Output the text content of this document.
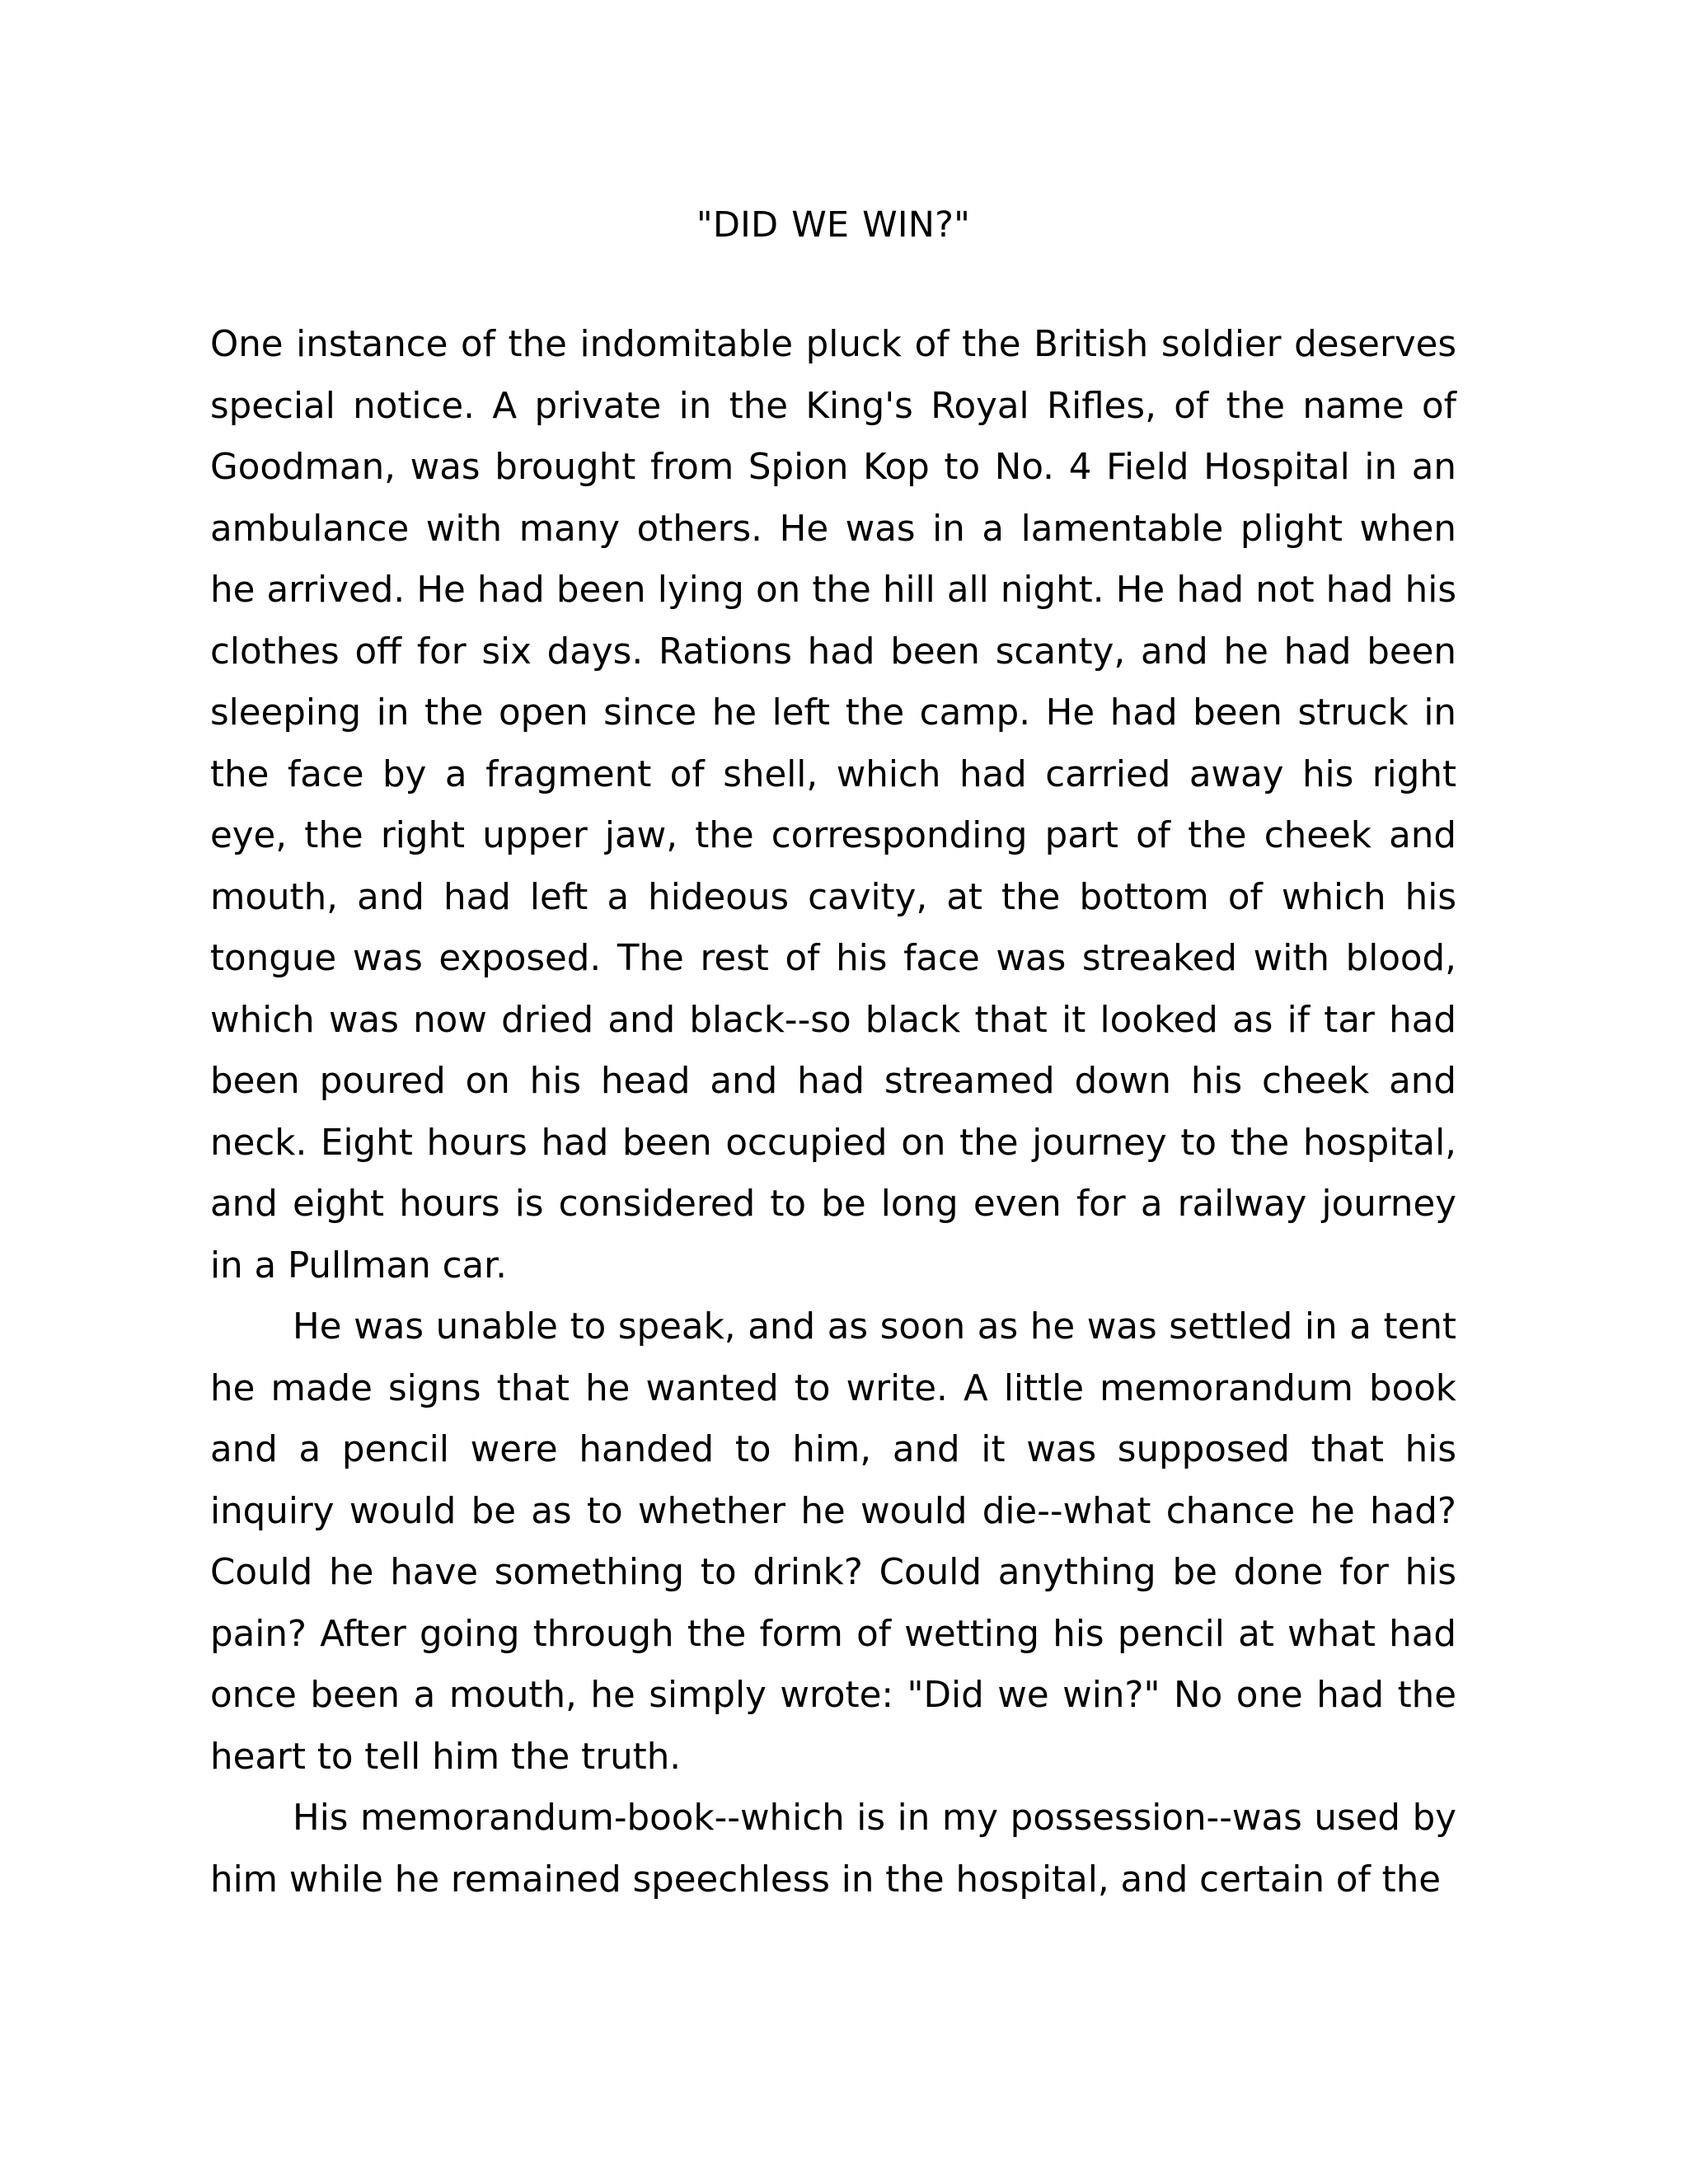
"DID WE WIN?"

One instance of the indomitable pluck of the British soldier deserves special notice. A private in the King's Royal Rifles, of the name of Goodman, was brought from Spion Kop to No. 4 Field Hospital in an ambulance with many others. He was in a lamentable plight when he arrived. He had been lying on the hill all night. He had not had his clothes off for six days. Rations had been scanty, and he had been sleeping in the open since he left the camp. He had been struck in the face by a fragment of shell, which had carried away his right eye, the right upper jaw, the corresponding part of the cheek and mouth, and had left a hideous cavity, at the bottom of which his tongue was exposed. The rest of his face was streaked with blood, which was now dried and black--so black that it looked as if tar had been poured on his head and had streamed down his cheek and neck. Eight hours had been occupied on the journey to the hospital, and eight hours is considered to be long even for a railway journey in a Pullman car.

He was unable to speak, and as soon as he was settled in a tent he made signs that he wanted to write. A little memorandum book and a pencil were handed to him, and it was supposed that his inquiry would be as to whether he would die--what chance he had? Could he have something to drink? Could anything be done for his pain? After going through the form of wetting his pencil at what had once been a mouth, he simply wrote: "Did we win?" No one had the heart to tell him the truth.

His memorandum-book--which is in my possession--was used by him while he remained speechless in the hospital, and certain of the
